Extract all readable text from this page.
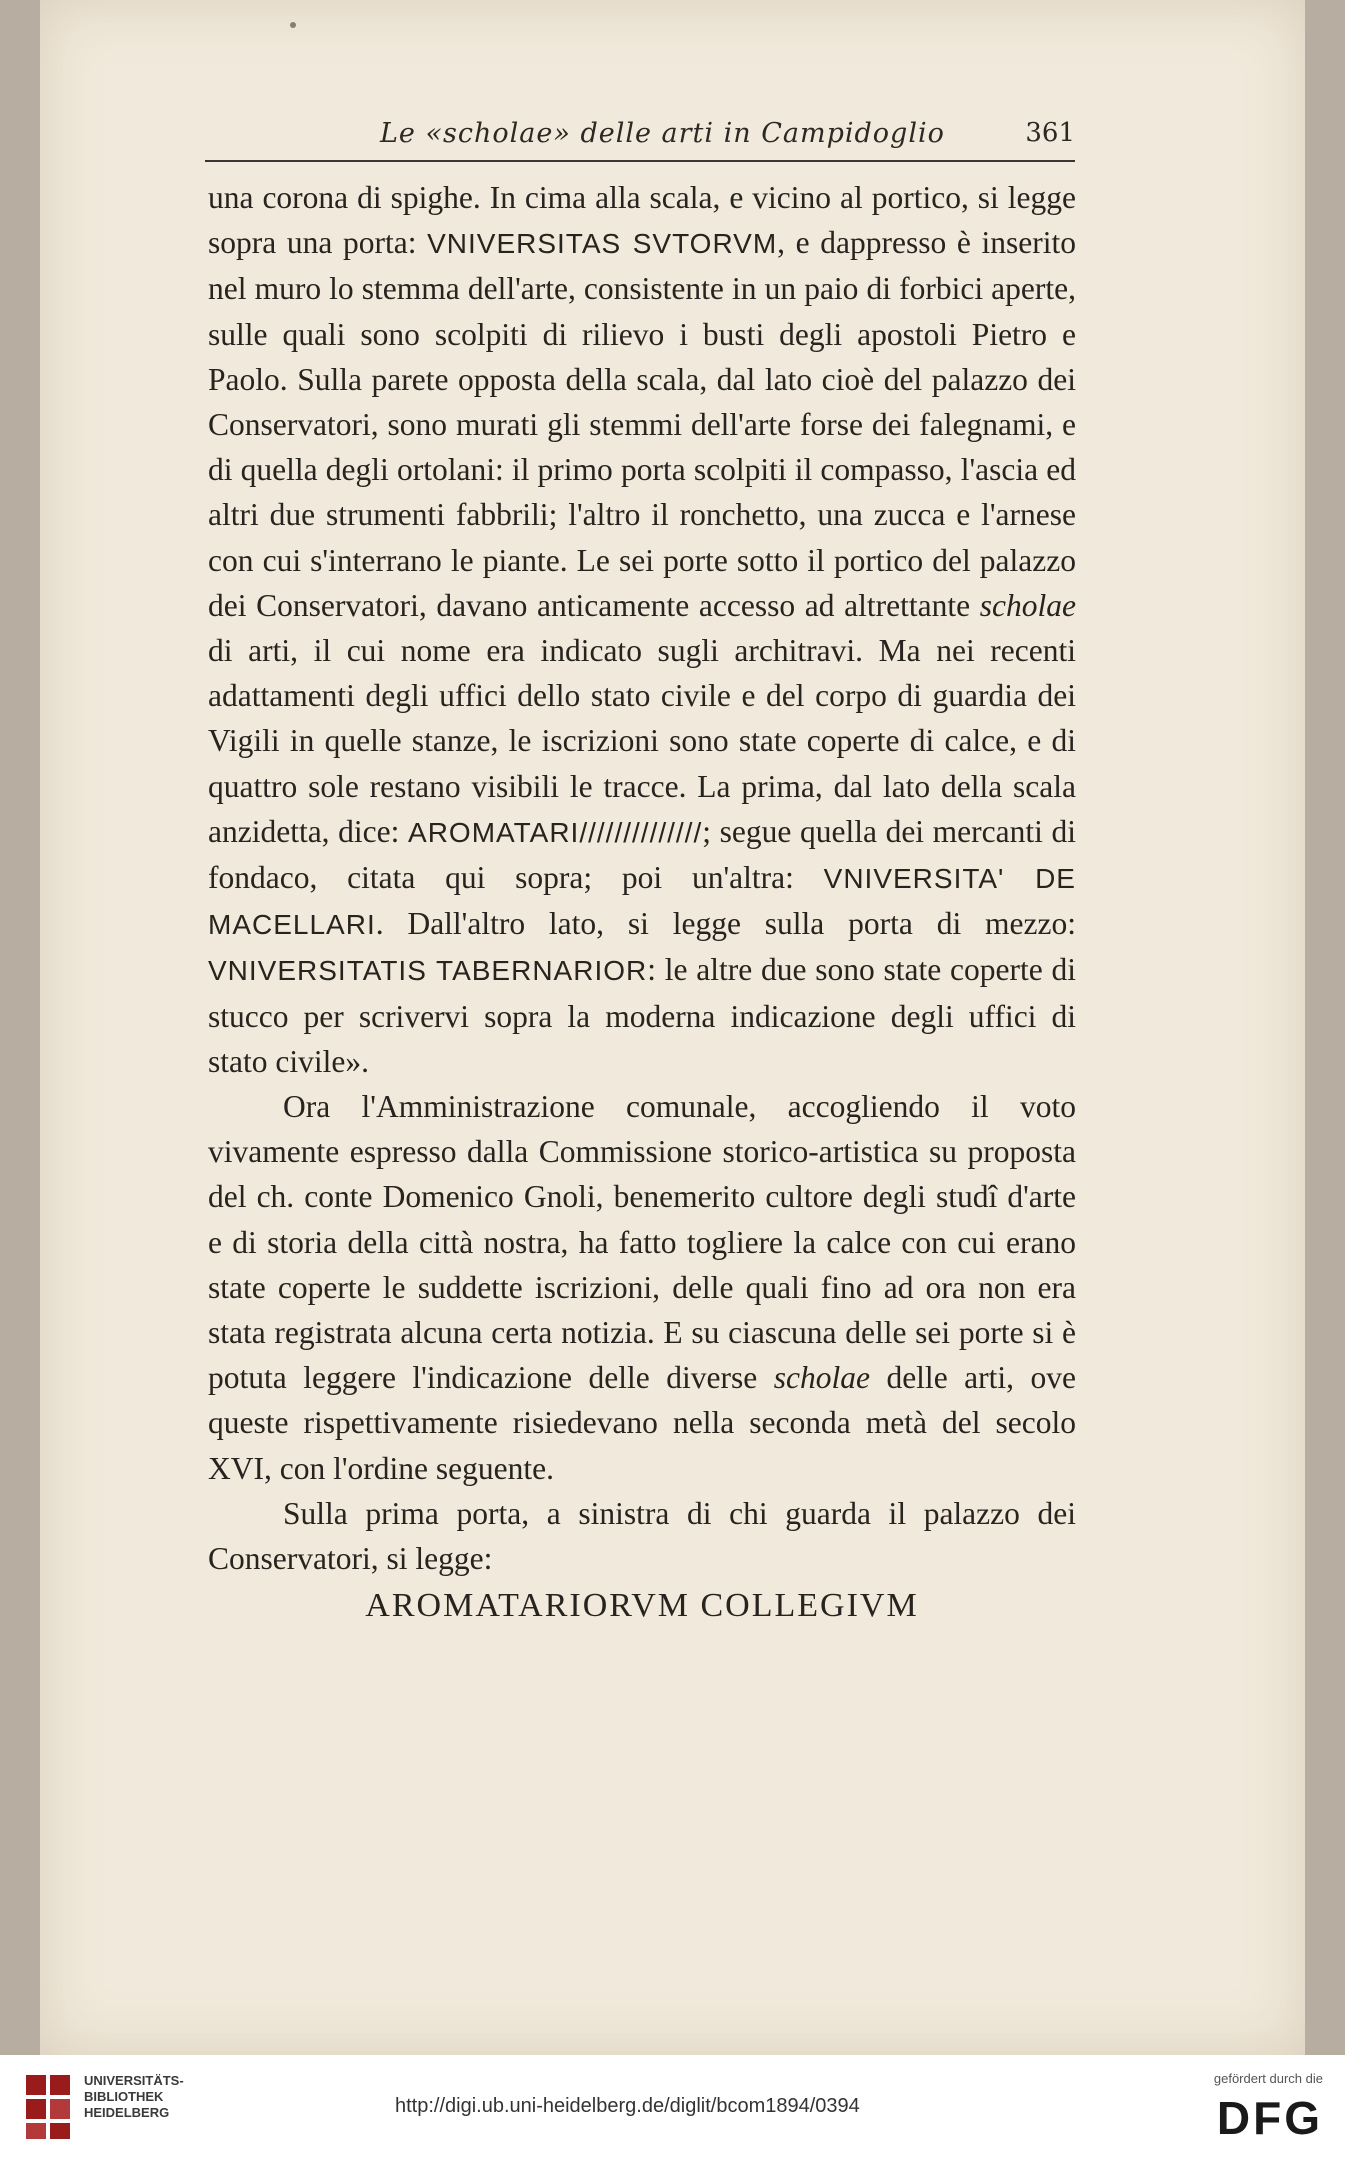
Le «scholae» delle arti in Campidoglio	361

una corona di spighe. In cima alla scala, e vicino al portico, si legge sopra una porta: VNIVERSITAS SVTORVM, e dappresso è inserito nel muro lo stemma dell'arte, consistente in un paio di forbici aperte, sulle quali sono scolpiti di rilievo i busti degli apostoli Pietro e Paolo. Sulla parete opposta della scala, dal lato cioè del palazzo dei Conservatori, sono murati gli stemmi dell'arte forse dei falegnami, e di quella degli ortolani: il primo porta scolpiti il compasso, l'ascia ed altri due strumenti fabbrili; l'altro il ronchetto, una zucca e l'arnese con cui s'interrano le piante. Le sei porte sotto il portico del palazzo dei Conservatori, davano anticamente accesso ad altrettante scholae di arti, il cui nome era indicato sugli architravi. Ma nei recenti adattamenti degli uffici dello stato civile e del corpo di guardia dei Vigili in quelle stanze, le iscrizioni sono state coperte di calce, e di quattro sole restano visibili le tracce. La prima, dal lato della scala anzidetta, dice: AROMATARI//////////////; segue quella dei mercanti di fondaco, citata qui sopra; poi un'altra: VNIVERSITA' DE MACELLARI. Dall'altro lato, si legge sulla porta di mezzo: VNIVERSITATIS TABERNARIOR: le altre due sono state coperte di stucco per scrivervi sopra la moderna indicazione degli uffici di stato civile».

Ora l'Amministrazione comunale, accogliendo il voto vivamente espresso dalla Commissione storico-artistica su proposta del ch. conte Domenico Gnoli, benemerito cultore degli studî d'arte e di storia della città nostra, ha fatto togliere la calce con cui erano state coperte le suddette iscrizioni, delle quali fino ad ora non era stata registrata alcuna certa notizia. E su ciascuna delle sei porte si è potuta leggere l'indicazione delle diverse scholae delle arti, ove queste rispettivamente risiedevano nella seconda metà del secolo XVI, con l'ordine seguente.

Sulla prima porta, a sinistra di chi guarda il palazzo dei Conservatori, si legge:

AROMATARIORVM COLLEGIVM
UNIVERSITÄTS-
BIBLIOTHEK
HEIDELBERG	http://digi.ub.uni-heidelberg.de/diglit/bcom1894/0394
gefördert durch die
DFG
